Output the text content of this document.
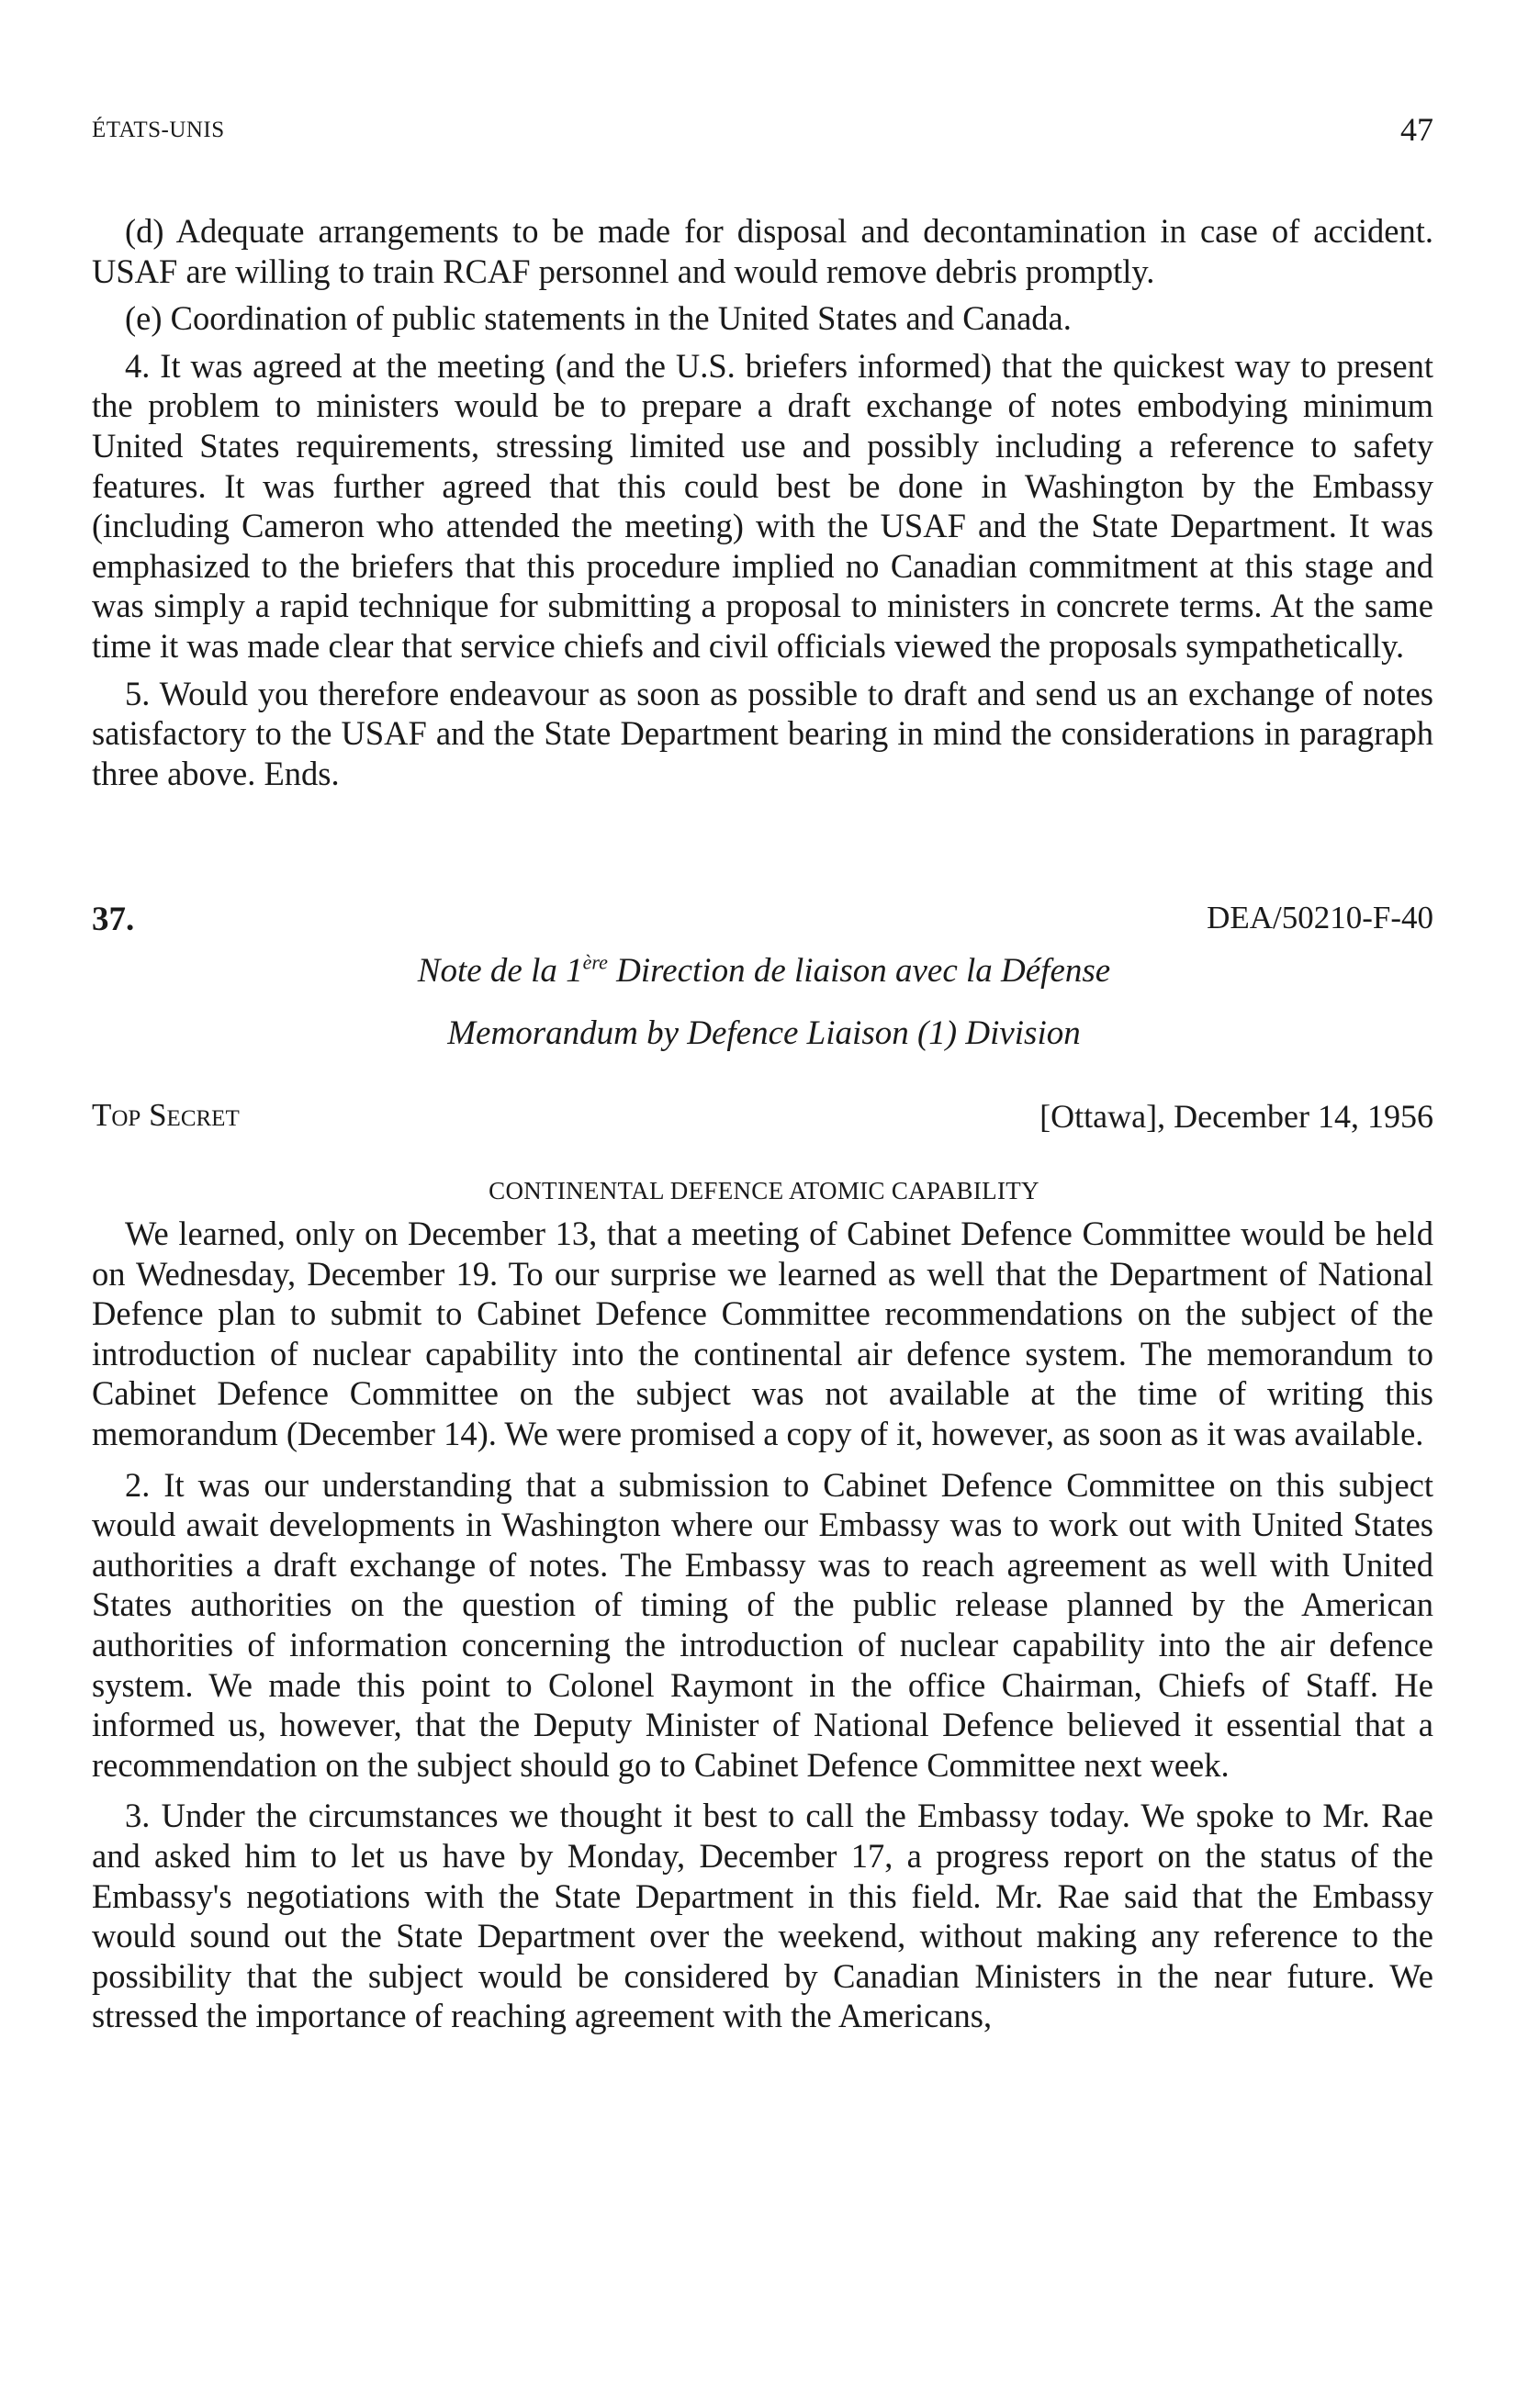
ÉTATS-UNIS	47

(d) Adequate arrangements to be made for disposal and decontamination in case of accident. USAF are willing to train RCAF personnel and would remove debris promptly.

(e) Coordination of public statements in the United States and Canada.

4. It was agreed at the meeting (and the U.S. briefers informed) that the quickest way to present the problem to ministers would be to prepare a draft exchange of notes embodying minimum United States requirements, stressing limited use and possibly including a reference to safety features. It was further agreed that this could best be done in Washington by the Embassy (including Cameron who attended the meeting) with the USAF and the State Department. It was emphasized to the briefers that this procedure implied no Canadian commitment at this stage and was simply a rapid technique for submitting a proposal to ministers in concrete terms. At the same time it was made clear that service chiefs and civil officials viewed the proposals sympathetically.

5. Would you therefore endeavour as soon as possible to draft and send us an exchange of notes satisfactory to the USAF and the State Department bearing in mind the considerations in paragraph three above. Ends.

37.	DEA/50210-F-40
Note de la 1ère Direction de liaison avec la Défense
Memorandum by Defence Liaison (1) Division
Top Secret	[Ottawa], December 14, 1956
CONTINENTAL DEFENCE ATOMIC CAPABILITY

We learned, only on December 13, that a meeting of Cabinet Defence Committee would be held on Wednesday, December 19. To our surprise we learned as well that the Department of National Defence plan to submit to Cabinet Defence Committee recommendations on the subject of the introduction of nuclear capability into the continental air defence system. The memorandum to Cabinet Defence Committee on the subject was not available at the time of writing this memorandum (December 14). We were promised a copy of it, however, as soon as it was available.

2. It was our understanding that a submission to Cabinet Defence Committee on this subject would await developments in Washington where our Embassy was to work out with United States authorities a draft exchange of notes. The Embassy was to reach agreement as well with United States authorities on the question of timing of the public release planned by the American authorities of information concerning the introduction of nuclear capability into the air defence system. We made this point to Colonel Raymont in the office Chairman, Chiefs of Staff. He informed us, however, that the Deputy Minister of National Defence believed it essential that a recommendation on the subject should go to Cabinet Defence Committee next week.

3. Under the circumstances we thought it best to call the Embassy today. We spoke to Mr. Rae and asked him to let us have by Monday, December 17, a progress report on the status of the Embassy's negotiations with the State Department in this field. Mr. Rae said that the Embassy would sound out the State Department over the weekend, without making any reference to the possibility that the subject would be considered by Canadian Ministers in the near future. We stressed the importance of reaching agreement with the Americans,
